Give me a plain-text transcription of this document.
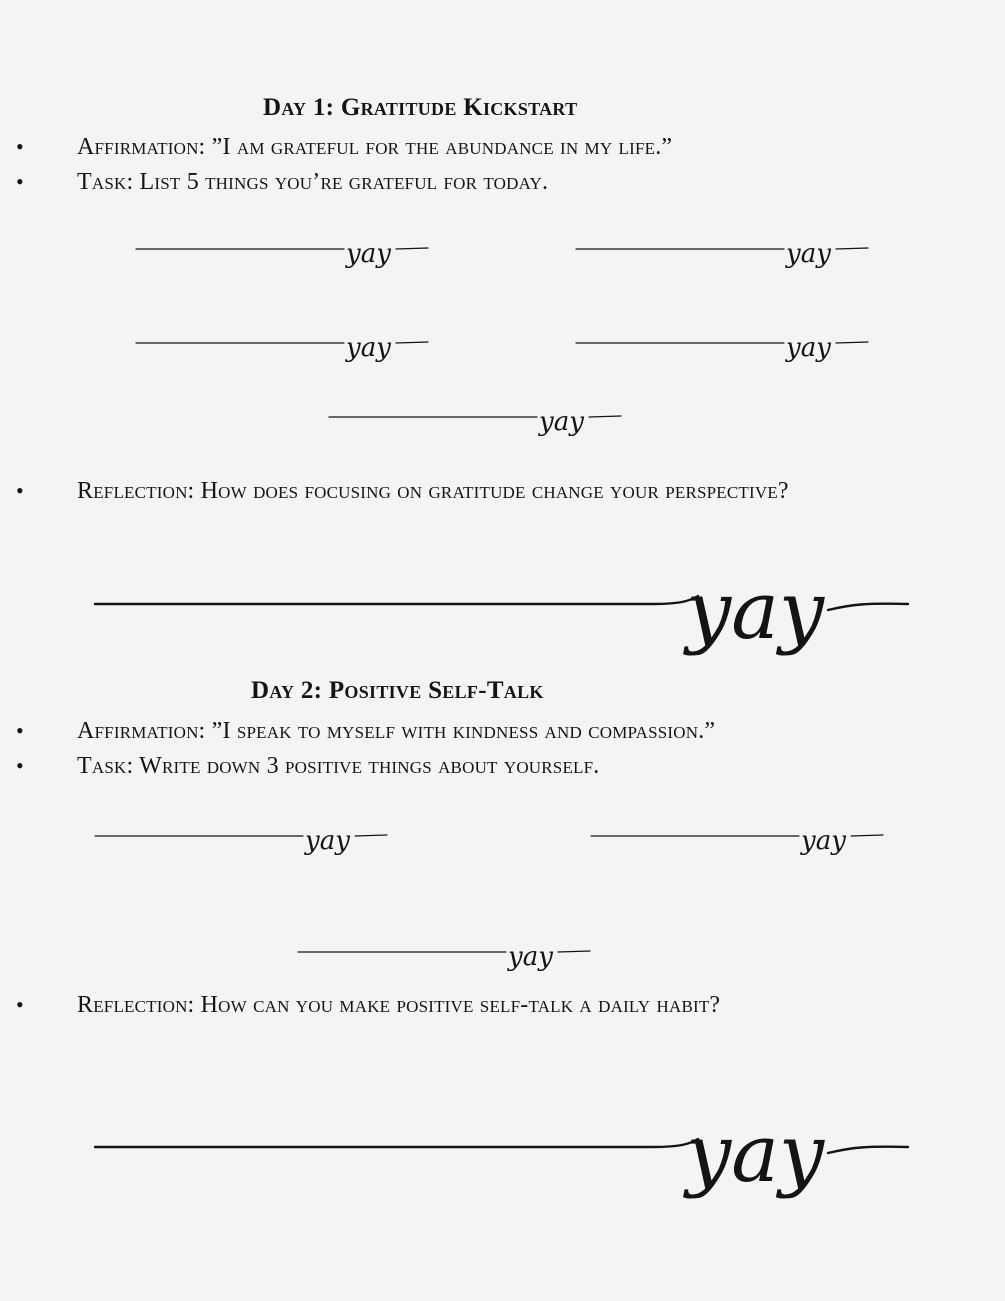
Day 1: Gratitude Kickstart
• Affirmation: ”I am grateful for the abundance in my life.”
• Task: List 5 things you’re grateful for today.
yay	yay
yay	yay
yay
• Reflection: How does focusing on gratitude change your perspective?
yay
Day 2: Positive Self-Talk
• Affirmation: ”I speak to myself with kindness and compassion.”
• Task: Write down 3 positive things about yourself.
yay	yay
yay
• Reflection: How can you make positive self-talk a daily habit?
yay
